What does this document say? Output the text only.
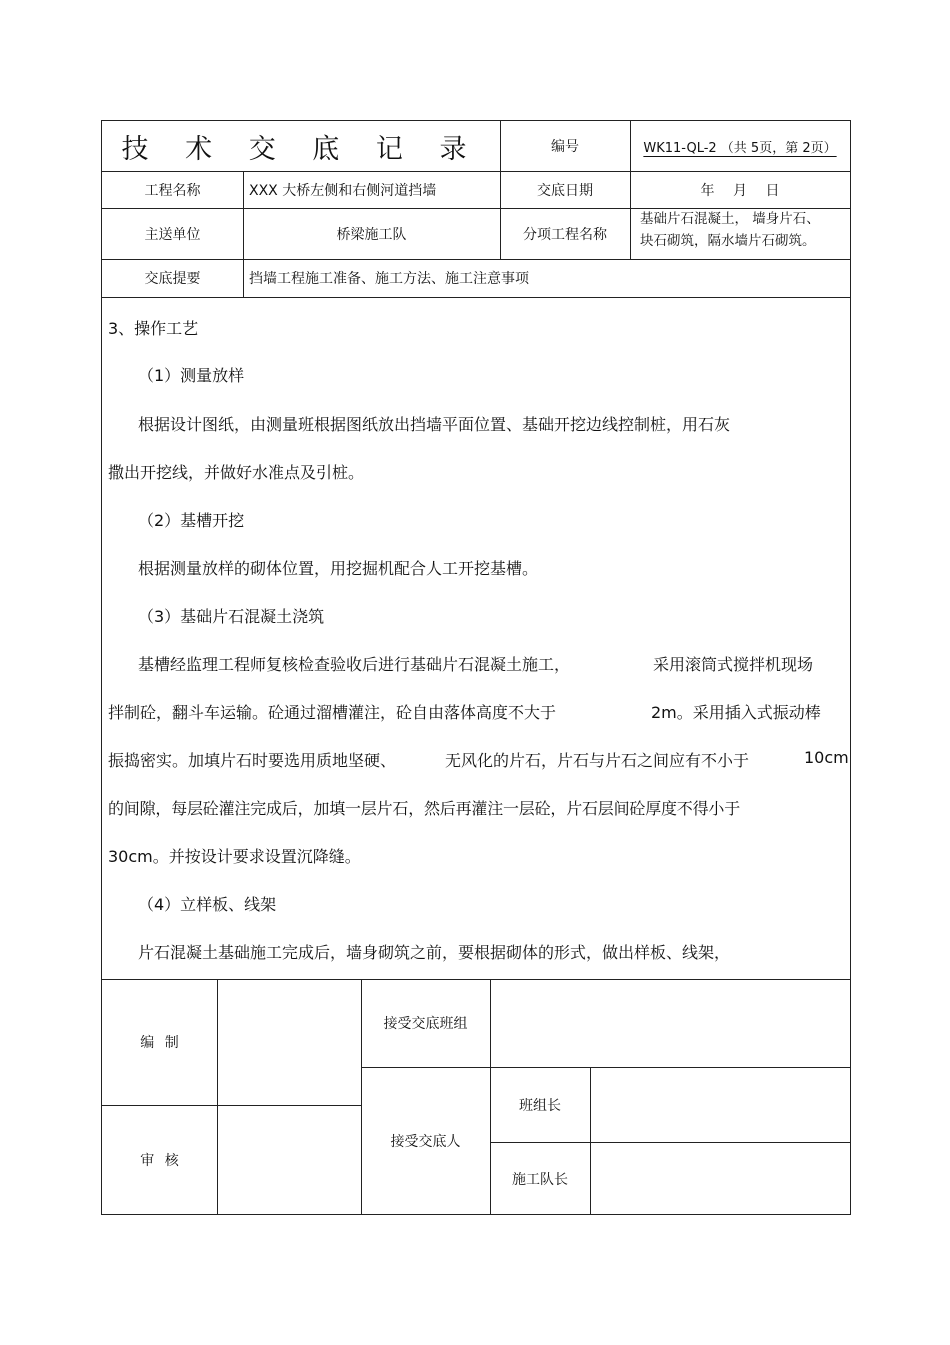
技 术 交 底 记 录	编号	WK11-QL-2 （共 5页，第 2页）
工程名称	XXX 大桥左侧和右侧河道挡墙	交底日期	年 月 日
主送单位	桥梁施工队	分项工程名称
基础片石混凝土， 墙身片石、
块石砌筑，隔水墙片石砌筑。
交底提要	挡墙工程施工准备、施工方法、施工注意事项
3、操作工艺
（1）测量放样
根据设计图纸，由测量班根据图纸放出挡墙平面位置、基础开挖边线控制桩，用石灰
撒出开挖线，并做好水准点及引桩。
（2）基槽开挖
根据测量放样的砌体位置，用挖掘机配合人工开挖基槽。
（3）基础片石混凝土浇筑
基槽经监理工程师复核检查验收后进行基础片石混凝土施工，	采用滚筒式搅拌机现场
拌制砼，翻斗车运输。砼通过溜槽灌注，砼自由落体高度不大于	2m。采用插入式振动棒
振捣密实。加填片石时要选用质地坚硬、	无风化的片石，片石与片石之间应有不小于	10cm
的间隙，每层砼灌注完成后，加填一层片石，然后再灌注一层砼，片石层间砼厚度不得小于
30cm。并按设计要求设置沉降缝。
（4）立样板、线架
片石混凝土基础施工完成后，墙身砌筑之前，要根据砌体的形式，做出样板、线架，
编 制
审 核
接受交底班组
接受交底人
班组长
施工队长
